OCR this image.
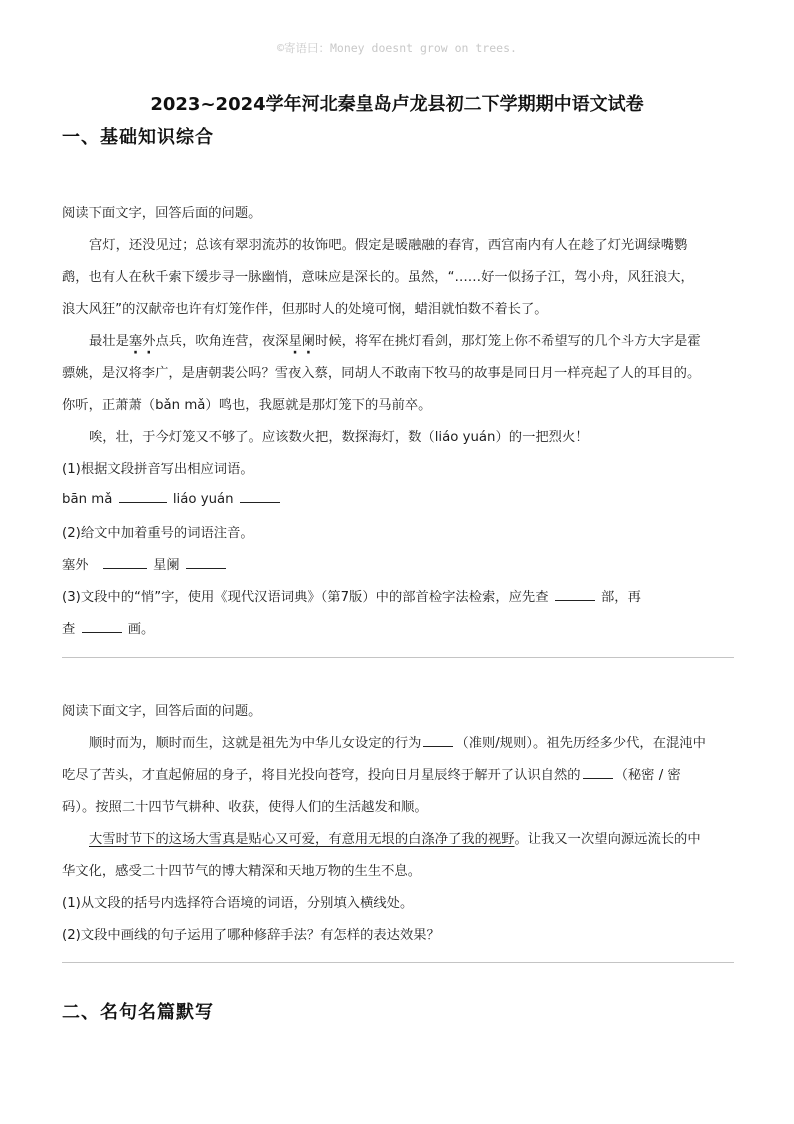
©寄语曰：Money doesnt grow on trees.
2023~2024学年河北秦皇岛卢龙县初二下学期期中语文试卷
一、基础知识综合
阅读下面文字，回答后面的问题。
宫灯，还没见过；总该有翠羽流苏的妆饰吧。假定是暖融融的春宵，西宫南内有人在趁了灯光调绿嘴鹦
鹉，也有人在秋千索下缓步寻一脉幽悄，意味应是深长的。虽然，“……好一似扬子江，驾小舟，风狂浪大，
浪大风狂”的汉献帝也许有灯笼作伴，但那时人的处境可悯，蜡泪就怕数不着长了。
最壮是塞外点兵，吹角连营，夜深星阑时候，将军在挑灯看剑，那灯笼上你不希望写的几个斗方大字是霍
骠姚，是汉将李广，是唐朝裴公吗？雪夜入蔡，同胡人不敢南下牧马的故事是同日月一样亮起了人的耳目的。
你听，正萧萧（bǎn mǎ）鸣也，我愿就是那灯笼下的马前卒。
唉，壮，于今灯笼又不够了。应该数火把，数探海灯，数（liáo yuán）的一把烈火！
(1)根据文段拼音写出相应词语。
bān mǎ	liáo yuán
(2)给文中加着重号的词语注音。
塞外	星阑
(3)文段中的“悄”字，使用《现代汉语词典》（第7版）中的部首检字法检索，应先查	部，再
查	画。
阅读下面文字，回答后面的问题。
顺时而为，顺时而生，这就是祖先为中华儿女设定的行为	（准则/规则）。祖先历经多少代，在混沌中
吃尽了苦头，才直起俯屈的身子，将目光投向苍穹，投向日月星辰终于解开了认识自然的	（秘密 / 密
码）。按照二十四节气耕种、收获，使得人们的生活越发和顺。
大雪时节下的这场大雪真是贴心又可爱，有意用无垠的白涤净了我的视野。让我又一次望向源远流长的中
华文化，感受二十四节气的博大精深和天地万物的生生不息。
(1)从文段的括号内选择符合语境的词语，分别填入横线处。
(2)文段中画线的句子运用了哪种修辞手法？有怎样的表达效果？
二、名句名篇默写
